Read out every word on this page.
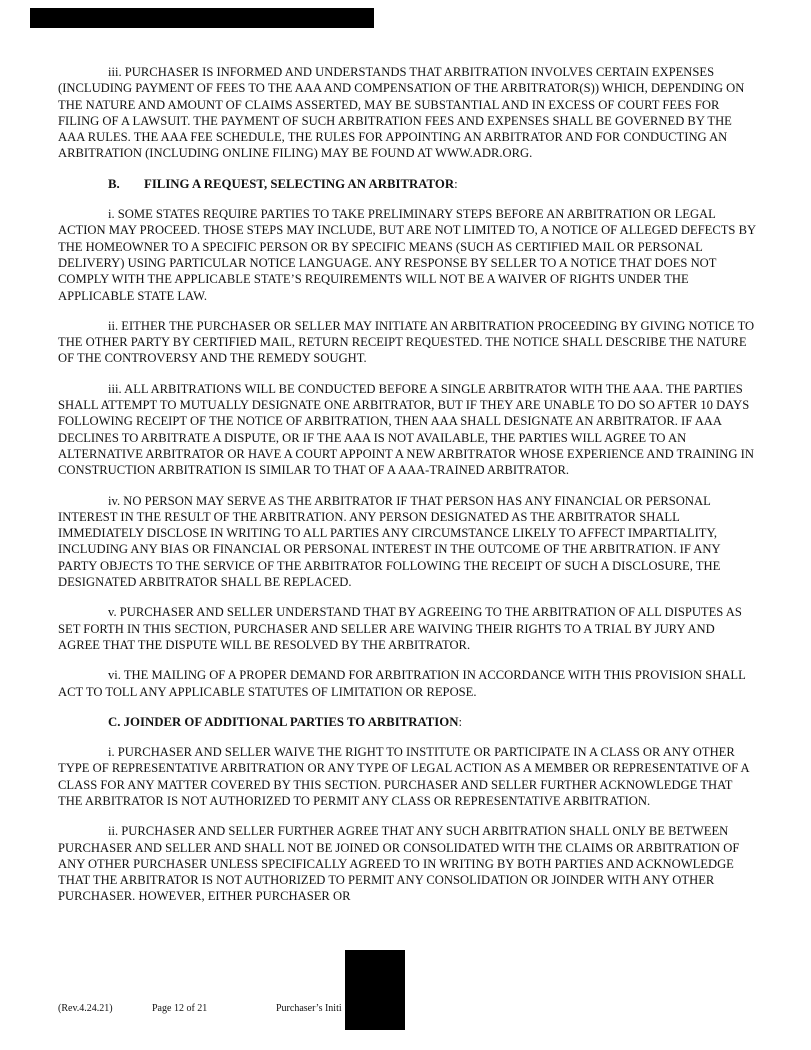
iii. PURCHASER IS INFORMED AND UNDERSTANDS THAT ARBITRATION INVOLVES CERTAIN EXPENSES (INCLUDING PAYMENT OF FEES TO THE AAA AND COMPENSATION OF THE ARBITRATOR(S)) WHICH, DEPENDING ON THE NATURE AND AMOUNT OF CLAIMS ASSERTED, MAY BE SUBSTANTIAL AND IN EXCESS OF COURT FEES FOR FILING OF A LAWSUIT. THE PAYMENT OF SUCH ARBITRATION FEES AND EXPENSES SHALL BE GOVERNED BY THE AAA RULES. THE AAA FEE SCHEDULE, THE RULES FOR APPOINTING AN ARBITRATOR AND FOR CONDUCTING AN ARBITRATION (INCLUDING ONLINE FILING) MAY BE FOUND AT WWW.ADR.ORG.

B. FILING A REQUEST, SELECTING AN ARBITRATOR:

i. SOME STATES REQUIRE PARTIES TO TAKE PRELIMINARY STEPS BEFORE AN ARBITRATION OR LEGAL ACTION MAY PROCEED. THOSE STEPS MAY INCLUDE, BUT ARE NOT LIMITED TO, A NOTICE OF ALLEGED DEFECTS BY THE HOMEOWNER TO A SPECIFIC PERSON OR BY SPECIFIC MEANS (SUCH AS CERTIFIED MAIL OR PERSONAL DELIVERY) USING PARTICULAR NOTICE LANGUAGE. ANY RESPONSE BY SELLER TO A NOTICE THAT DOES NOT COMPLY WITH THE APPLICABLE STATE’S REQUIREMENTS WILL NOT BE A WAIVER OF RIGHTS UNDER THE APPLICABLE STATE LAW.

ii. EITHER THE PURCHASER OR SELLER MAY INITIATE AN ARBITRATION PROCEEDING BY GIVING NOTICE TO THE OTHER PARTY BY CERTIFIED MAIL, RETURN RECEIPT REQUESTED. THE NOTICE SHALL DESCRIBE THE NATURE OF THE CONTROVERSY AND THE REMEDY SOUGHT.

iii. ALL ARBITRATIONS WILL BE CONDUCTED BEFORE A SINGLE ARBITRATOR WITH THE AAA. THE PARTIES SHALL ATTEMPT TO MUTUALLY DESIGNATE ONE ARBITRATOR, BUT IF THEY ARE UNABLE TO DO SO AFTER 10 DAYS FOLLOWING RECEIPT OF THE NOTICE OF ARBITRATION, THEN AAA SHALL DESIGNATE AN ARBITRATOR. IF AAA DECLINES TO ARBITRATE A DISPUTE, OR IF THE AAA IS NOT AVAILABLE, THE PARTIES WILL AGREE TO AN ALTERNATIVE ARBITRATOR OR HAVE A COURT APPOINT A NEW ARBITRATOR WHOSE EXPERIENCE AND TRAINING IN CONSTRUCTION ARBITRATION IS SIMILAR TO THAT OF A AAA-TRAINED ARBITRATOR.

iv. NO PERSON MAY SERVE AS THE ARBITRATOR IF THAT PERSON HAS ANY FINANCIAL OR PERSONAL INTEREST IN THE RESULT OF THE ARBITRATION. ANY PERSON DESIGNATED AS THE ARBITRATOR SHALL IMMEDIATELY DISCLOSE IN WRITING TO ALL PARTIES ANY CIRCUMSTANCE LIKELY TO AFFECT IMPARTIALITY, INCLUDING ANY BIAS OR FINANCIAL OR PERSONAL INTEREST IN THE OUTCOME OF THE ARBITRATION. IF ANY PARTY OBJECTS TO THE SERVICE OF THE ARBITRATOR FOLLOWING THE RECEIPT OF SUCH A DISCLOSURE, THE DESIGNATED ARBITRATOR SHALL BE REPLACED.

v. PURCHASER AND SELLER UNDERSTAND THAT BY AGREEING TO THE ARBITRATION OF ALL DISPUTES AS SET FORTH IN THIS SECTION, PURCHASER AND SELLER ARE WAIVING THEIR RIGHTS TO A TRIAL BY JURY AND AGREE THAT THE DISPUTE WILL BE RESOLVED BY THE ARBITRATOR.

vi. THE MAILING OF A PROPER DEMAND FOR ARBITRATION IN ACCORDANCE WITH THIS PROVISION SHALL ACT TO TOLL ANY APPLICABLE STATUTES OF LIMITATION OR REPOSE.

C. JOINDER OF ADDITIONAL PARTIES TO ARBITRATION:

i. PURCHASER AND SELLER WAIVE THE RIGHT TO INSTITUTE OR PARTICIPATE IN A CLASS OR ANY OTHER TYPE OF REPRESENTATIVE ARBITRATION OR ANY TYPE OF LEGAL ACTION AS A MEMBER OR REPRESENTATIVE OF A CLASS FOR ANY MATTER COVERED BY THIS SECTION. PURCHASER AND SELLER FURTHER ACKNOWLEDGE THAT THE ARBITRATOR IS NOT AUTHORIZED TO PERMIT ANY CLASS OR REPRESENTATIVE ARBITRATION.

ii. PURCHASER AND SELLER FURTHER AGREE THAT ANY SUCH ARBITRATION SHALL ONLY BE BETWEEN PURCHASER AND SELLER AND SHALL NOT BE JOINED OR CONSOLIDATED WITH THE CLAIMS OR ARBITRATION OF ANY OTHER PURCHASER UNLESS SPECIFICALLY AGREED TO IN WRITING BY BOTH PARTIES AND ACKNOWLEDGE THAT THE ARBITRATOR IS NOT AUTHORIZED TO PERMIT ANY CONSOLIDATION OR JOINDER WITH ANY OTHER PURCHASER. HOWEVER, EITHER PURCHASER OR

(Rev.4.24.21)	Page 12 of 21	Purchaser’s Initi
